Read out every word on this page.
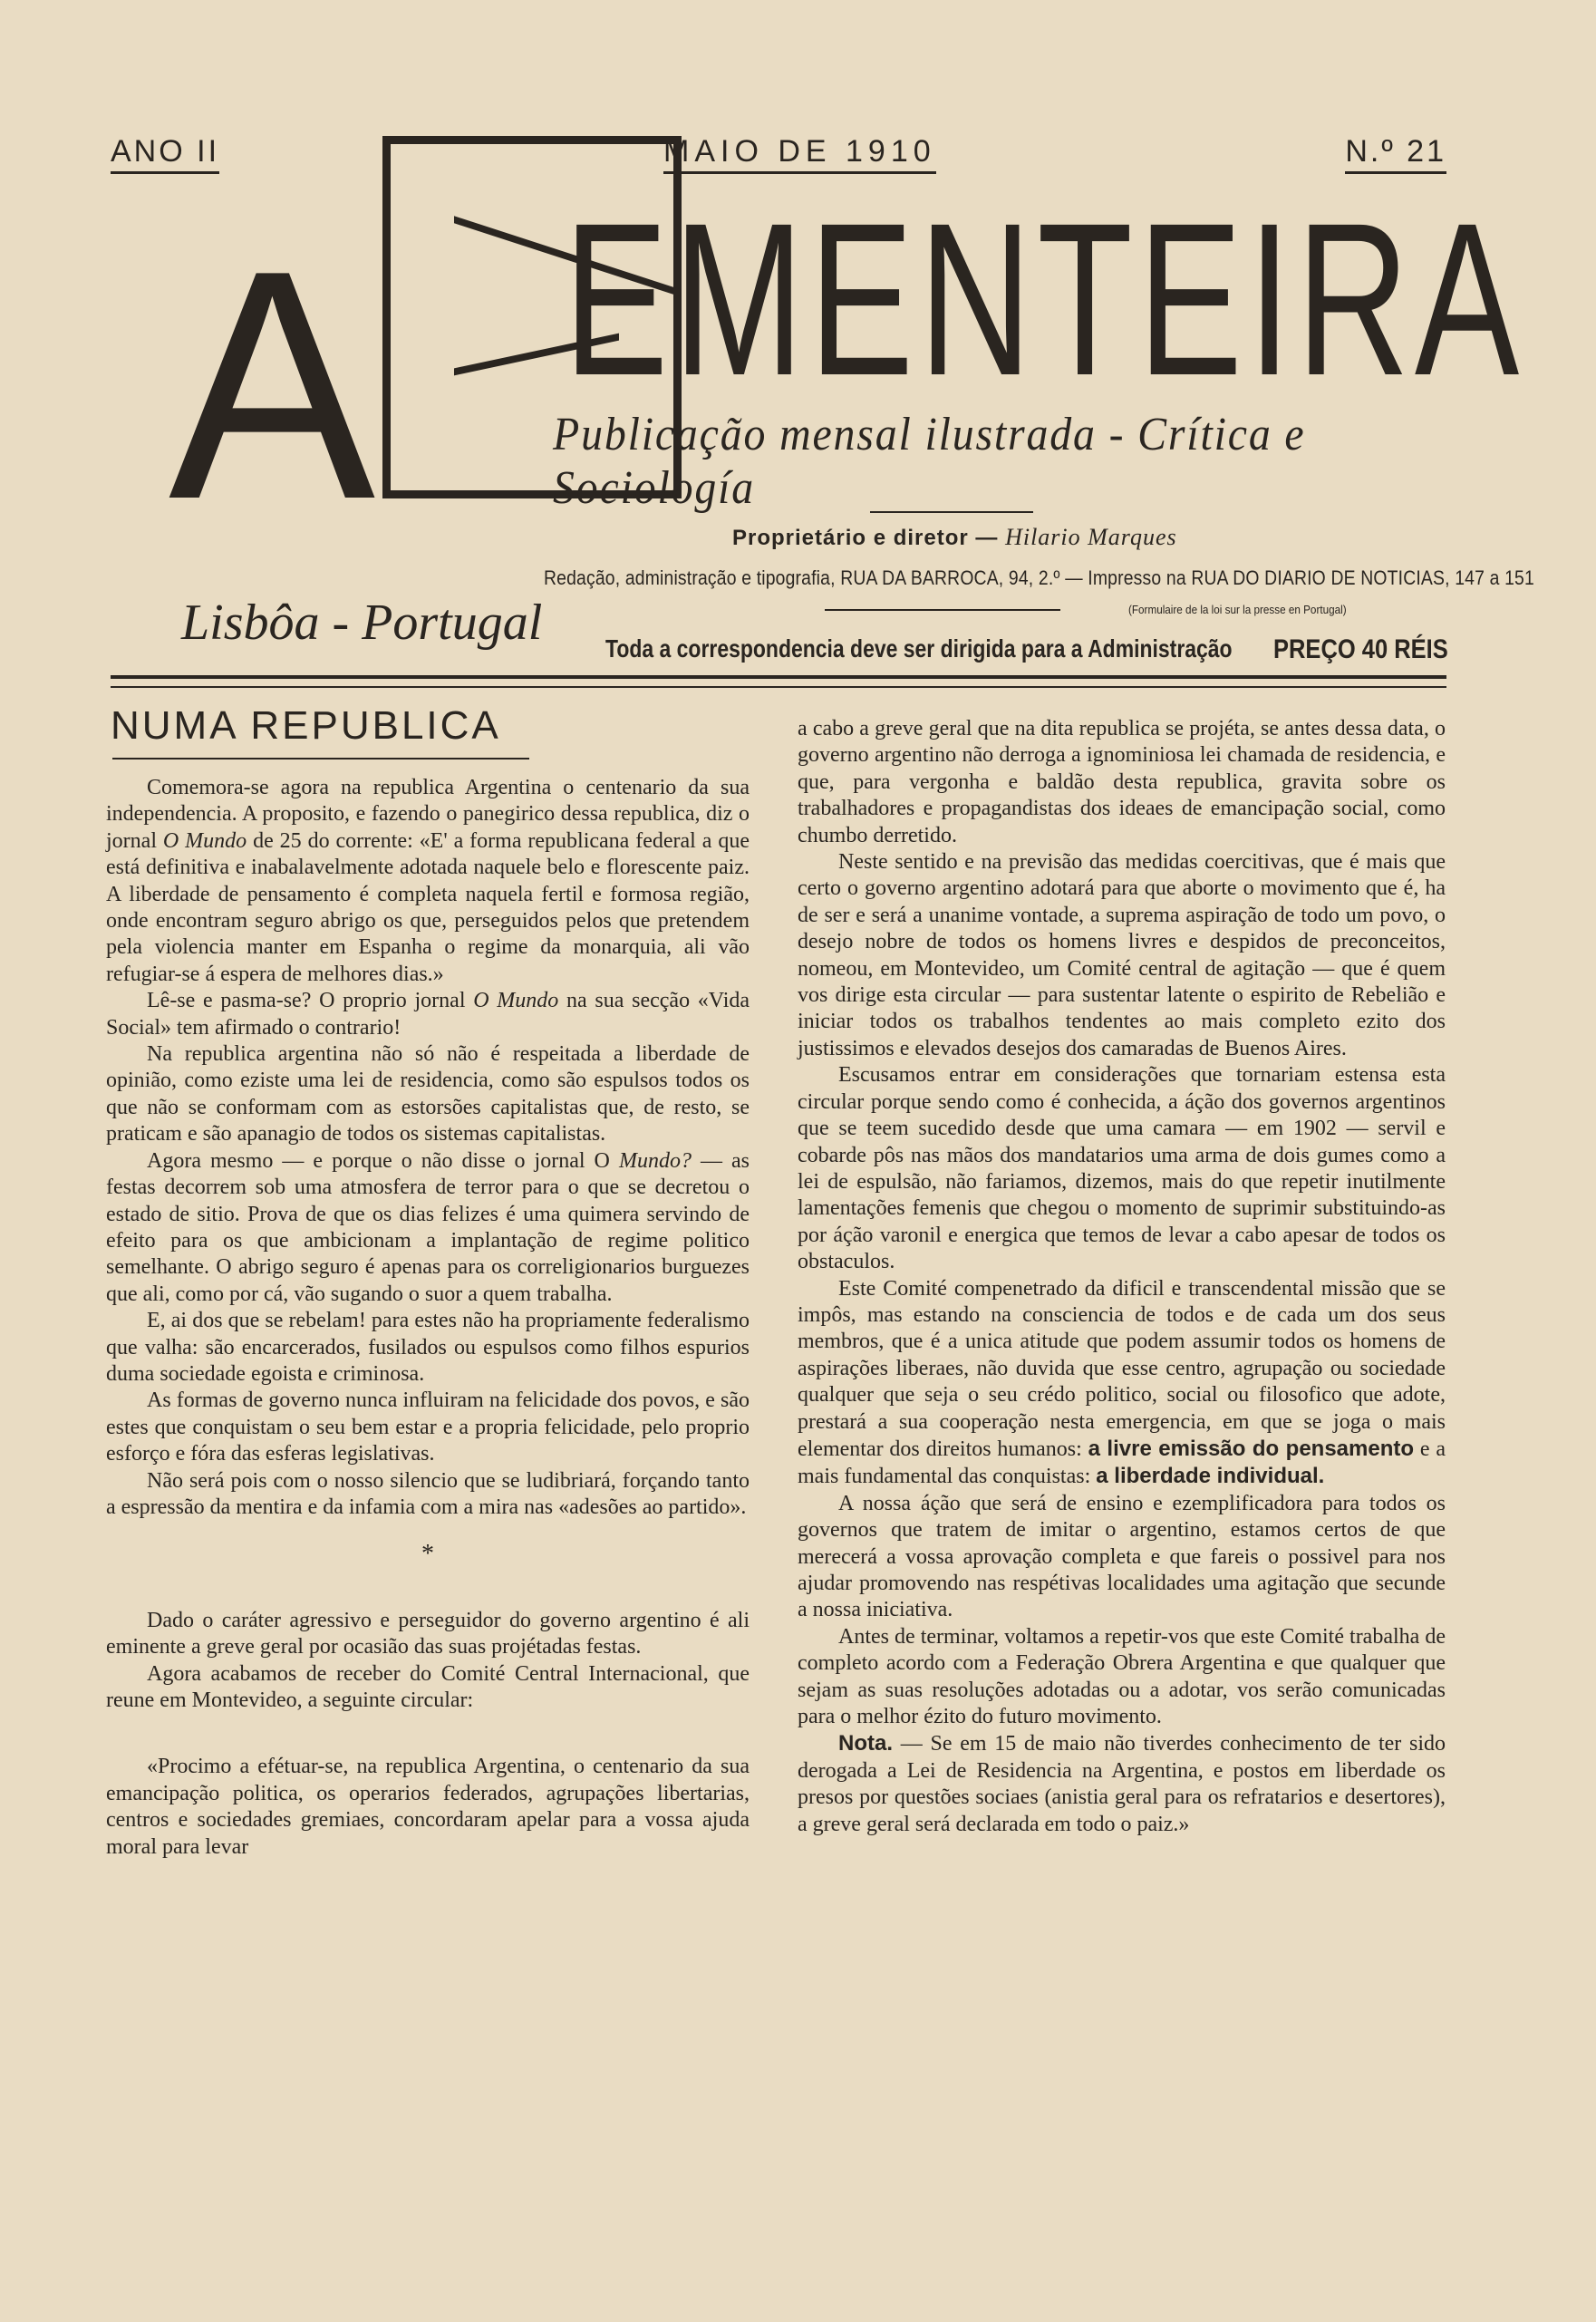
ANO II	MAIO DE 1910	N.º 21
A EMENTEIRA
Publicação mensal ilustrada - Crítica e Sociología
Lisbôa - Portugal
Proprietário e diretor — Hilario Marques
Redação, administração e tipografia, RUA DA BARROCA, 94, 2.º — Impresso na RUA DO DIARIO DE NOTICIAS, 147 a 151
(Formulaire de la loi sur la presse en Portugal)
Toda a correspondencia deve ser dirigida para a Administração PREÇO 40 RÉIS
NUMA REPUBLICA

Comemora-se agora na republica Argentina o centenario da sua independencia. A proposito, e fazendo o panegirico dessa republica, diz o jornal O Mundo de 25 do corrente: «E' a forma republicana federal a que está definitiva e inabalavelmente adotada naquele belo e florescente paiz. A liberdade de pensamento é completa naquela fertil e formosa região, onde encontram seguro abrigo os que, perseguidos pelos que pretendem pela violencia manter em Espanha o regime da monarquia, ali vão refugiar-se á espera de melhores dias.»

Lê-se e pasma-se? O proprio jornal O Mundo na sua secção «Vida Social» tem afirmado o contrario!

Na republica argentina não só não é respeitada a liberdade de opinião, como eziste uma lei de residencia, como são espulsos todos os que não se conformam com as estorsões capitalistas que, de resto, se praticam e são apanagio de todos os sistemas capitalistas.

Agora mesmo — e porque o não disse o jornal O Mundo? — as festas decorrem sob uma atmosfera de terror para o que se decretou o estado de sitio. Prova de que os dias felizes é uma quimera servindo de efeito para os que ambicionam a implantação de regime politico semelhante. O abrigo seguro é apenas para os correligionarios burguezes que ali, como por cá, vão sugando o suor a quem trabalha.

E, ai dos que se rebelam! para estes não ha propriamente federalismo que valha: são encarcerados, fusilados ou espulsos como filhos espurios duma sociedade egoista e criminosa.

As formas de governo nunca influiram na felicidade dos povos, e são estes que conquistam o seu bem estar e a propria felicidade, pelo proprio esforço e fóra das esferas legislativas.

Não será pois com o nosso silencio que se ludibriará, forçando tanto a espressão da mentira e da infamia com a mira nas «adesões ao partido».

*

Dado o caráter agressivo e perseguidor do governo argentino é ali eminente a greve geral por ocasião das suas projétadas festas.

Agora acabamos de receber do Comité Central Internacional, que reune em Montevideo, a seguinte circular:

«Procimo a efétuar-se, na republica Argentina, o centenario da sua emancipação politica, os operarios federados, agrupações libertarias, centros e sociedades gremiaes, concordaram apelar para a vossa ajuda moral para levar

a cabo a greve geral que na dita republica se projéta, se antes dessa data, o governo argentino não derroga a ignominiosa lei chamada de residencia, e que, para vergonha e baldão desta republica, gravita sobre os trabalhadores e propagandistas dos ideaes de emancipação social, como chumbo derretido.

Neste sentido e na previsão das medidas coercitivas, que é mais que certo o governo argentino adotará para que aborte o movimento que é, ha de ser e será a unanime vontade, a suprema aspiração de todo um povo, o desejo nobre de todos os homens livres e despidos de preconceitos, nomeou, em Montevideo, um Comité central de agitação — que é quem vos dirige esta circular — para sustentar latente o espirito de Rebelião e iniciar todos os trabalhos tendentes ao mais completo ezito dos justissimos e elevados desejos dos camaradas de Buenos Aires.

Escusamos entrar em considerações que tornariam estensa esta circular porque sendo como é conhecida, a áção dos governos argentinos que se teem sucedido desde que uma camara — em 1902 — servil e cobarde pôs nas mãos dos mandatarios uma arma de dois gumes como a lei de espulsão, não fariamos, dizemos, mais do que repetir inutilmente lamentações femenis que chegou o momento de suprimir substituindo-as por áção varonil e energica que temos de levar a cabo apesar de todos os obstaculos.

Este Comité compenetrado da dificil e transcendental missão que se impôs, mas estando na consciencia de todos e de cada um dos seus membros, que é a unica atitude que podem assumir todos os homens de aspirações liberaes, não duvida que esse centro, agrupação ou sociedade qualquer que seja o seu crédo politico, social ou filosofico que adote, prestará a sua cooperação nesta emergencia, em que se joga o mais elementar dos direitos humanos: a livre emissão do pensamento e a mais fundamental das conquistas: a liberdade individual.

A nossa áção que será de ensino e ezemplificadora para todos os governos que tratem de imitar o argentino, estamos certos de que merecerá a vossa aprovação completa e que fareis o possivel para nos ajudar promovendo nas respétivas localidades uma agitação que secunde a nossa iniciativa.

Antes de terminar, voltamos a repetir-vos que este Comité trabalha de completo acordo com a Federação Obrera Argentina e que qualquer que sejam as suas resoluções adotadas ou a adotar, vos serão comunicadas para o melhor ézito do futuro movimento.

Nota. — Se em 15 de maio não tiverdes conhecimento de ter sido derogada a Lei de Residencia na Argentina, e postos em liberdade os presos por questões sociaes (anistia geral para os refratarios e desertores), a greve geral será declarada em todo o paiz.»
